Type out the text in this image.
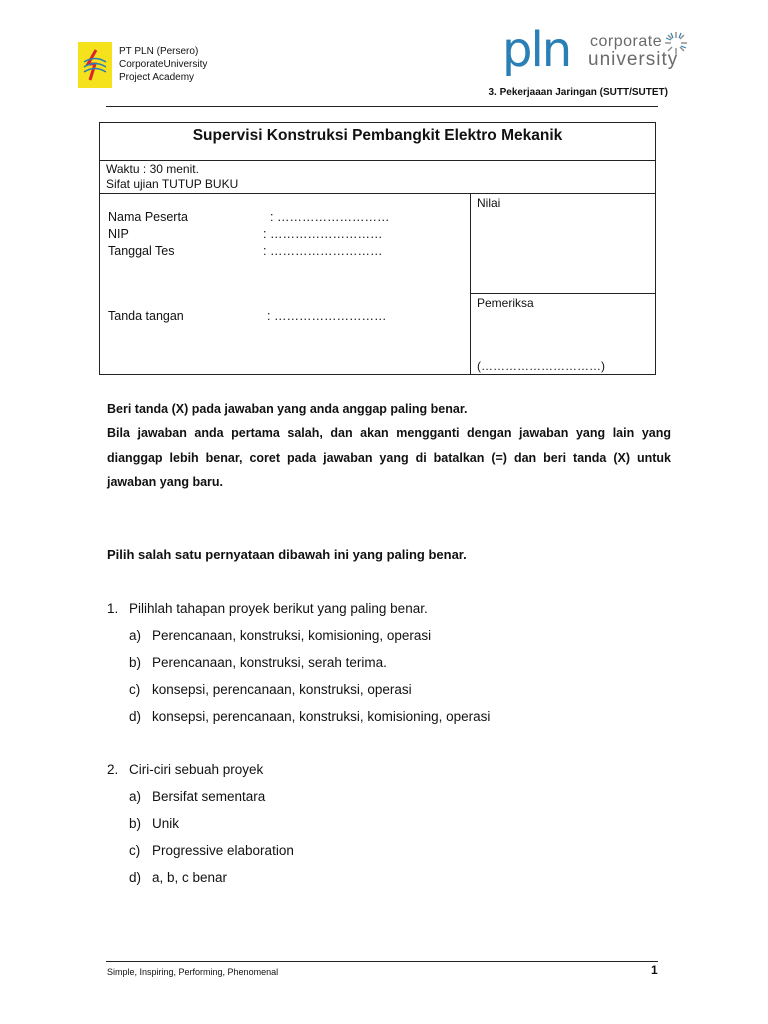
PT PLN (Persero)
CorporateUniversity
Project Academy	pln corporate
university
3. Pekerjaaan Jaringan (SUTT/SUTET)
Supervisi Konstruksi Pembangkit Elektro Mekanik
Waktu : 30 menit.
Sifat ujian TUTUP BUKU
Nama Peserta	: ………………………
NIP	: ………………………
Tanggal Tes	: ………………………
Tanda tangan	: ………………………
Nilai
Pemeriksa
(…………………………)
Beri tanda (X) pada jawaban yang anda anggap paling benar.
Bila jawaban anda pertama salah, dan akan mengganti dengan jawaban yang lain yang dianggap lebih benar, coret pada jawaban yang di batalkan (=) dan beri tanda (X) untuk jawaban yang baru.
Pilih salah satu pernyataan dibawah ini yang paling benar.
1. Pilihlah tahapan proyek berikut yang paling benar.
a) Perencanaan, konstruksi, komisioning, operasi
b) Perencanaan, konstruksi, serah terima.
c) konsepsi, perencanaan, konstruksi, operasi
d) konsepsi, perencanaan, konstruksi, komisioning, operasi
2. Ciri-ciri sebuah proyek
a) Bersifat sementara
b) Unik
c) Progressive elaboration
d) a, b, c benar
Simple, Inspiring, Performing, Phenomenal	1
